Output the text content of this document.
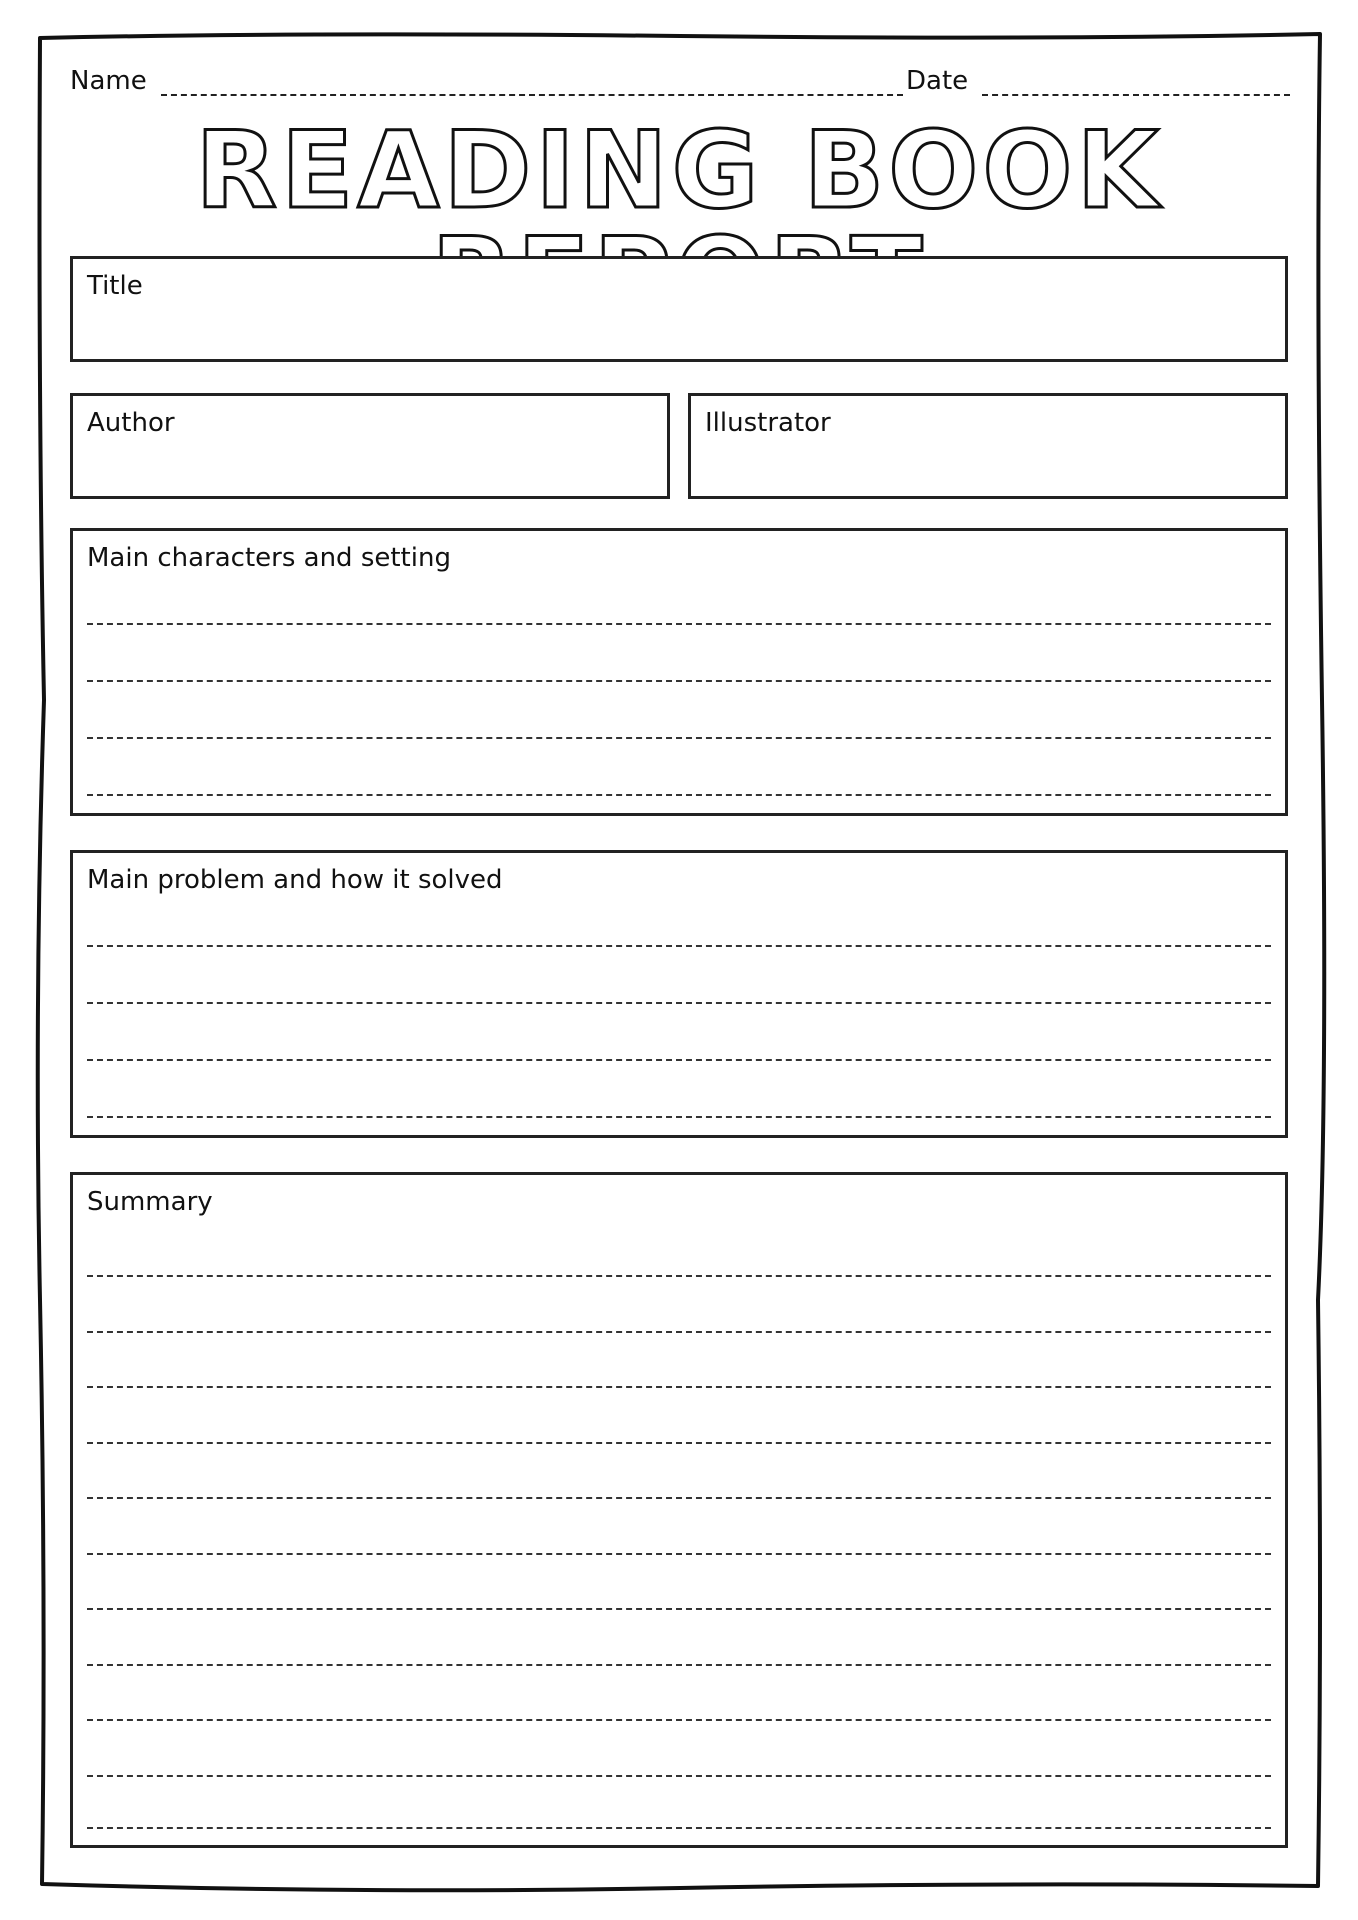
Name	Date
READING BOOK
Title
Author	Illustrator
Main characters and setting
Main problem and how it solved
Summary
